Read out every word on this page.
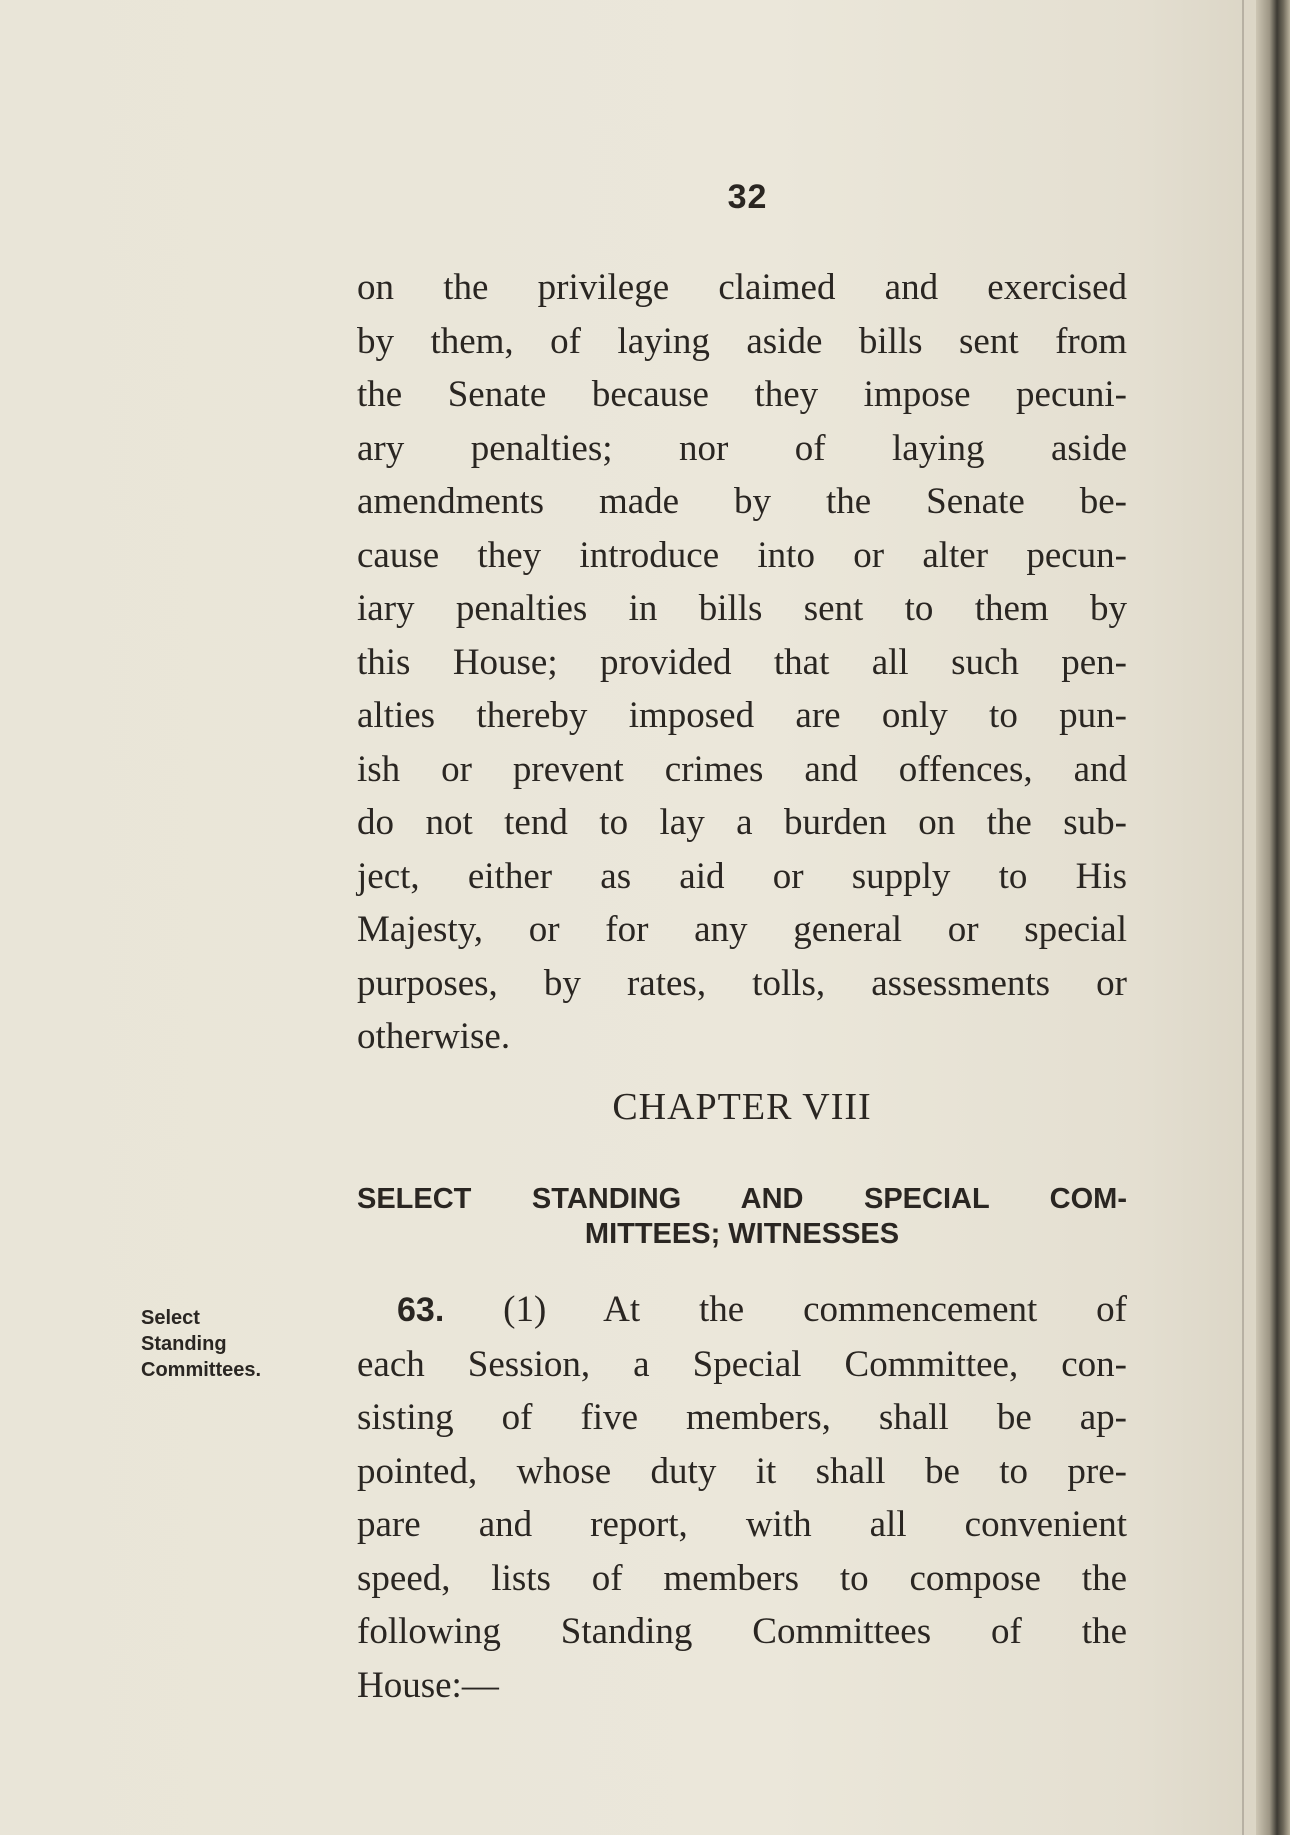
32
on the privilege claimed and exercised
by them, of laying aside bills sent from
the Senate because they impose pecuni-
ary penalties; nor of laying aside
amendments made by the Senate be-
cause they introduce into or alter pecun-
iary penalties in bills sent to them by
this House; provided that all such pen-
alties thereby imposed are only to pun-
ish or prevent crimes and offences, and
do not tend to lay a burden on the sub-
ject, either as aid or supply to His
Majesty, or for any general or special
purposes, by rates, tolls, assessments or
otherwise.
CHAPTER VIII
SELECT STANDING AND SPECIAL COM-
MITTEES; WITNESSES
Select
Standing
Committees.
63. (1) At the commencement of
each Session, a Special Committee, con-
sisting of five members, shall be ap-
pointed, whose duty it shall be to pre-
pare and report, with all convenient
speed, lists of members to compose the
following Standing Committees of the
House:—
